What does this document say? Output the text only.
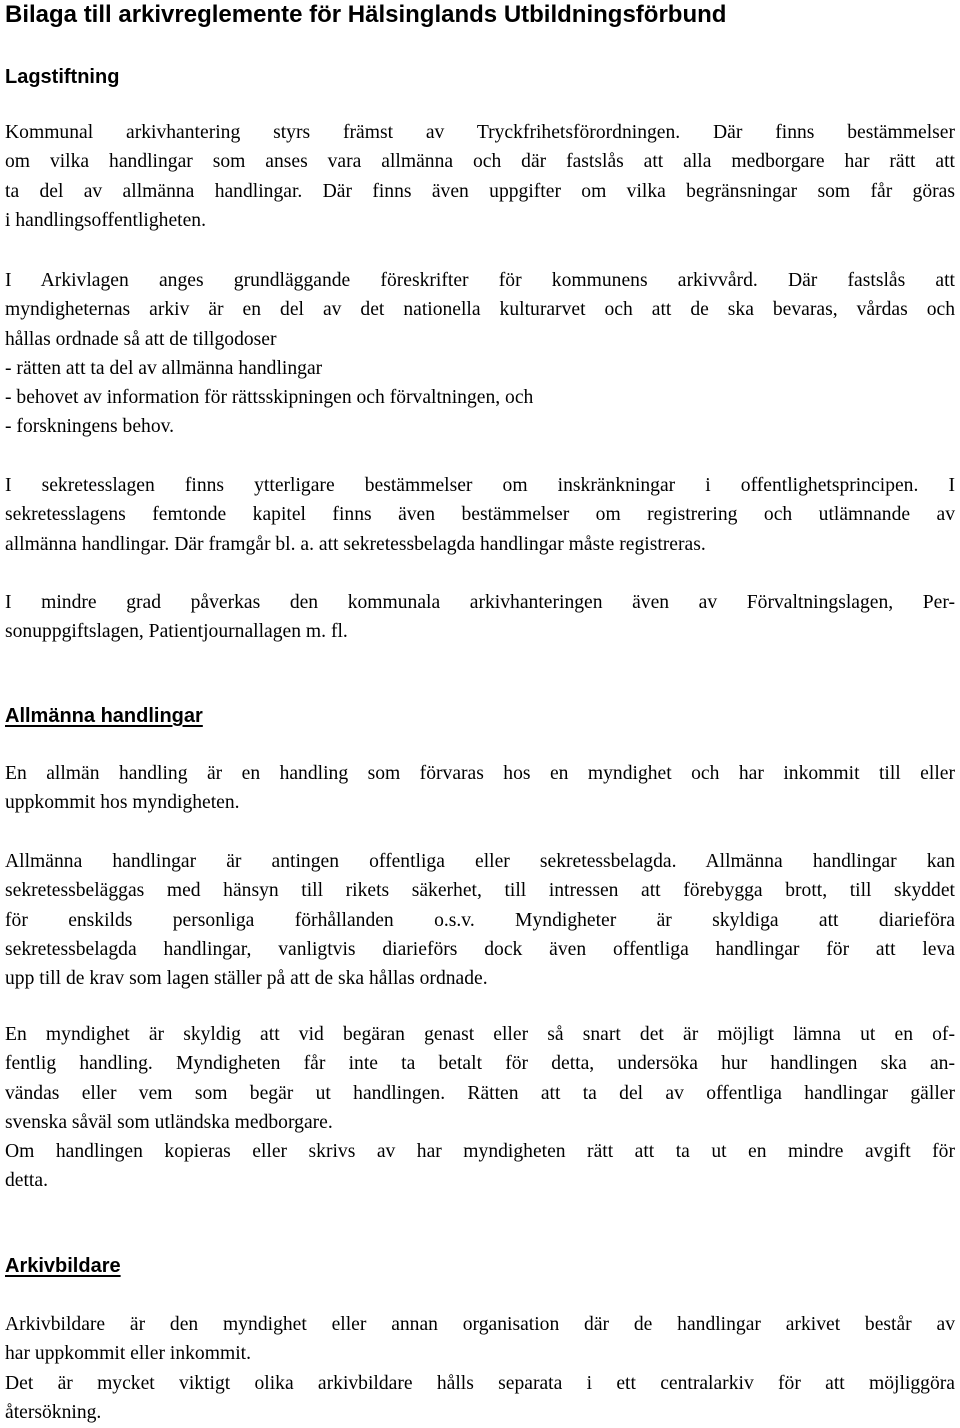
Bilaga till arkivreglemente för Hälsinglands Utbildningsförbund
Lagstiftning
Kommunal arkivhantering styrs främst av Tryckfrihetsförordningen. Där finns bestämmelser
om vilka handlingar som anses vara allmänna och där fastslås att alla medborgare har rätt att
ta del av allmänna handlingar. Där finns även uppgifter om vilka begränsningar som får göras
i handlingsoffentligheten.
I Arkivlagen anges grundläggande föreskrifter för kommunens arkivvård. Där fastslås att
myndigheternas arkiv är en del av det nationella kulturarvet och att de ska bevaras, vårdas och
hållas ordnade så att de tillgodoser
- rätten att ta del av allmänna handlingar
- behovet av information för rättsskipningen och förvaltningen, och
- forskningens behov.
I sekretesslagen finns ytterligare bestämmelser om inskränkningar i offentlighetsprincipen. I
sekretesslagens femtonde kapitel finns även bestämmelser om registrering och utlämnande av
allmänna handlingar. Där framgår bl. a. att sekretessbelagda handlingar måste registreras.
I mindre grad påverkas den kommunala arkivhanteringen även av Förvaltningslagen, Per-
sonuppgiftslagen, Patientjournallagen m. fl.
Allmänna handlingar
En allmän handling är en handling som förvaras hos en myndighet och har inkommit till eller
uppkommit hos myndigheten.
Allmänna handlingar är antingen offentliga eller sekretessbelagda. Allmänna handlingar kan
sekretessbeläggas med hänsyn till rikets säkerhet, till intressen att förebygga brott, till skyddet
för enskilds personliga förhållanden o.s.v. Myndigheter är skyldiga att diarieföra
sekretessbelagda handlingar, vanligtvis diarieförs dock även offentliga handlingar för att leva
upp till de krav som lagen ställer på att de ska hållas ordnade.
En myndighet är skyldig att vid begäran genast eller så snart det är möjligt lämna ut en of-
fentlig handling. Myndigheten får inte ta betalt för detta, undersöka hur handlingen ska an-
vändas eller vem som begär ut handlingen. Rätten att ta del av offentliga handlingar gäller
svenska såväl som utländska medborgare.
Om handlingen kopieras eller skrivs av har myndigheten rätt att ta ut en mindre avgift för
detta.
Arkivbildare
Arkivbildare är den myndighet eller annan organisation där de handlingar arkivet består av
har uppkommit eller inkommit.
Det är mycket viktigt olika arkivbildare hålls separata i ett centralarkiv för att möjliggöra
återsökning.
